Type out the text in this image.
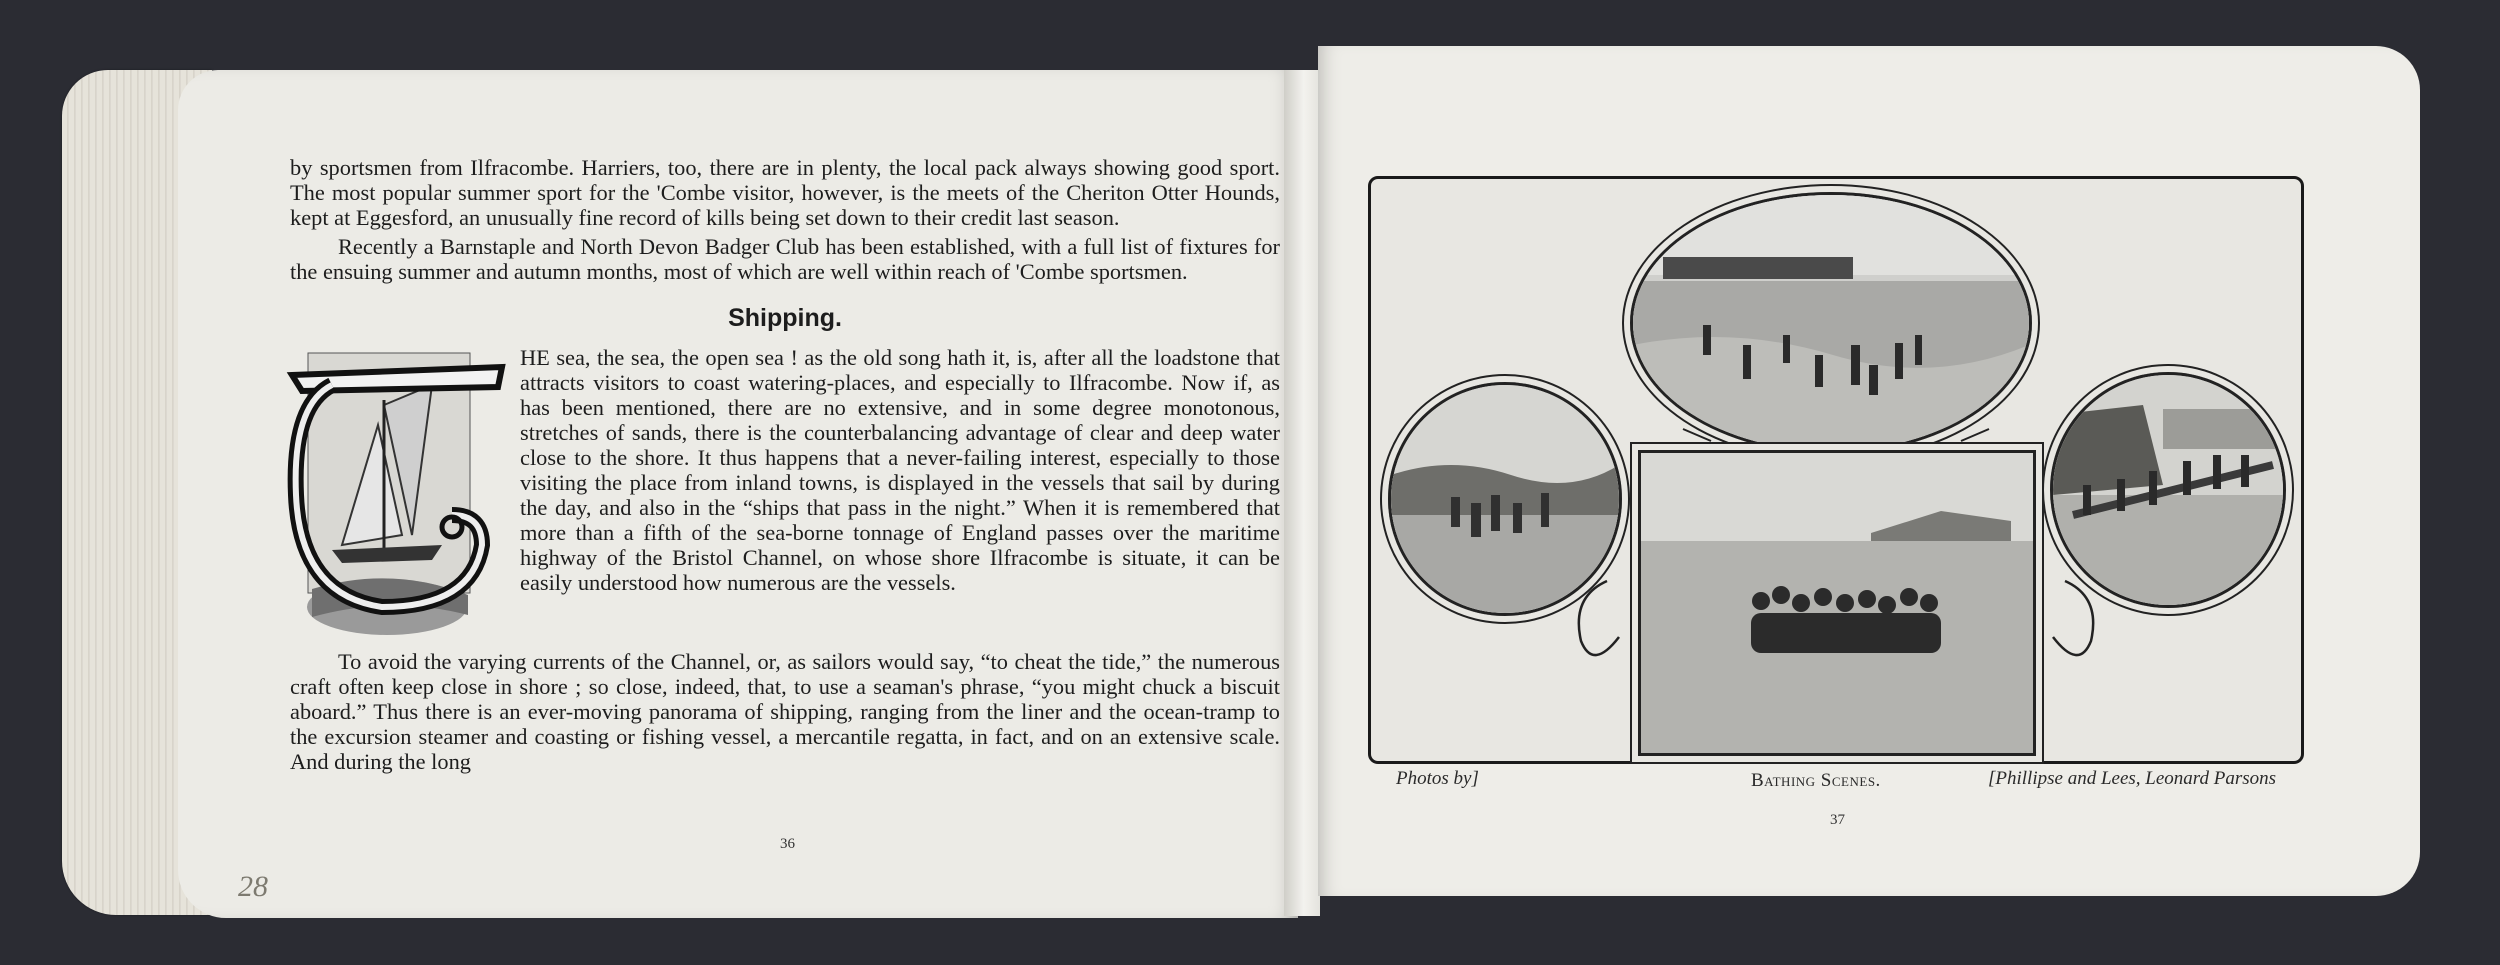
by sportsmen from Ilfracombe. Harriers, too, there are in plenty, the local pack always showing good sport. The most popular summer sport for the 'Combe visitor, however, is the meets of the Cheriton Otter Hounds, kept at Eggesford, an unusually fine record of kills being set down to their credit last season.

Recently a Barnstaple and North Devon Badger Club has been established, with a full list of fixtures for the ensuing summer and autumn months, most of which are well within reach of 'Combe sportsmen.

Shipping.

HE sea, the sea, the open sea ! as the old song hath it, is, after all the loadstone that attracts visitors to coast watering-places, and especially to Ilfracombe. Now if, as has been mentioned, there are no extensive, and in some degree monotonous, stretches of sands, there is the counterbalancing advantage of clear and deep water close to the shore. It thus happens that a never-failing interest, especially to those visiting the place from inland towns, is displayed in the vessels that sail by during the day, and also in the “ships that pass in the night.” When it is remembered that more than a fifth of the sea-borne tonnage of England passes over the maritime highway of the Bristol Channel, on whose shore Ilfracombe is situate, it can be easily understood how numerous are the vessels.

To avoid the varying currents of the Channel, or, as sailors would say, “to cheat the tide,” the numerous craft often keep close in shore ; so close, indeed, that, to use a seaman's phrase, “you might chuck a biscuit aboard.” Thus there is an ever-moving panorama of shipping, ranging from the liner and the ocean-tramp to the excursion steamer and coasting or fishing vessel, a mercantile regatta, in fact, and on an extensive scale. And during the long

36
28
Photos by]	Bathing Scenes.	[Phillipse and Lees, Leonard Parsons
37
